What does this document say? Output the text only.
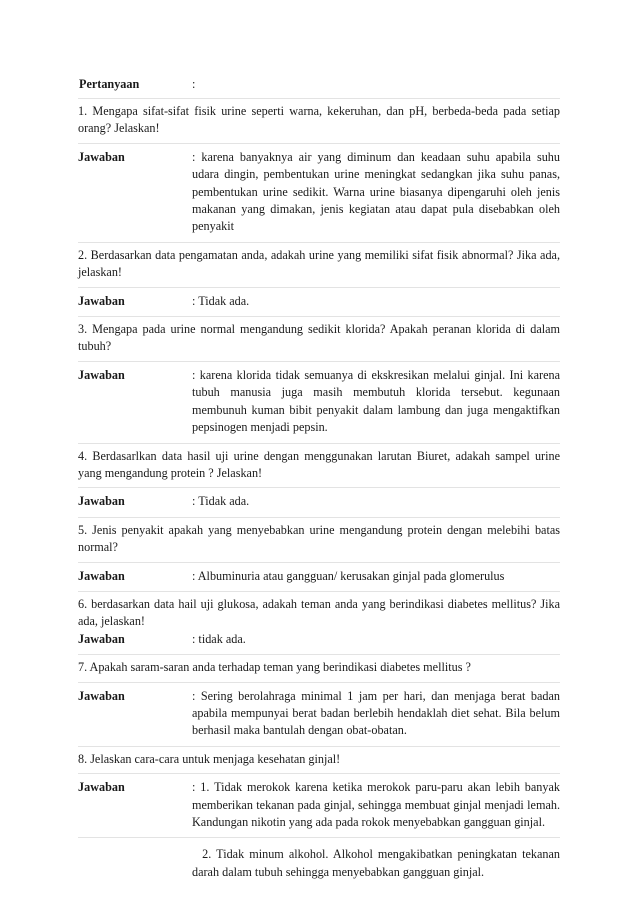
Pertanyaan	:
1. Mengapa sifat-sifat fisik urine seperti warna, kekeruhan, dan pH, berbeda-beda pada setiap orang? Jelaskan!
Jawaban	: karena banyaknya air yang diminum dan keadaan suhu apabila suhu udara dingin, pembentukan urine meningkat sedangkan jika suhu panas, pembentukan urine sedikit. Warna urine biasanya dipengaruhi oleh jenis makanan yang dimakan, jenis kegiatan atau dapat pula disebabkan oleh penyakit
2. Berdasarkan data pengamatan anda, adakah urine yang memiliki sifat fisik abnormal? Jika ada, jelaskan!
Jawaban	: Tidak ada.
3. Mengapa pada urine normal mengandung sedikit klorida? Apakah peranan klorida di dalam tubuh?
Jawaban	: karena klorida tidak semuanya di ekskresikan melalui ginjal. Ini karena tubuh manusia juga masih membutuh klorida tersebut. kegunaan membunuh kuman bibit penyakit dalam lambung dan juga mengaktifkan pepsinogen menjadi pepsin.
4. Berdasarlkan data hasil uji urine dengan menggunakan larutan Biuret, adakah sampel urine yang mengandung protein ? Jelaskan!
Jawaban	: Tidak ada.
5. Jenis penyakit apakah yang menyebabkan urine mengandung protein dengan melebihi batas normal?
Jawaban	: Albuminuria atau gangguan/ kerusakan ginjal pada glomerulus
6. berdasarkan data hail uji glukosa, adakah teman anda yang berindikasi diabetes mellitus? Jika ada, jelaskan!
Jawaban	: tidak ada.
7. Apakah saram-saran anda terhadap teman yang berindikasi diabetes mellitus ?
Jawaban	: Sering berolahraga minimal 1 jam per hari, dan menjaga berat badan apabila mempunyai berat badan berlebih hendaklah diet sehat. Bila belum berhasil maka bantulah dengan obat-obatan.
8. Jelaskan cara-cara untuk menjaga kesehatan ginjal!
Jawaban	: 1. Tidak merokok karena ketika merokok paru-paru akan lebih banyak memberikan tekanan pada ginjal, sehingga membuat ginjal menjadi lemah. Kandungan nikotin yang ada pada rokok menyebabkan gangguan ginjal.
2. Tidak minum alkohol. Alkohol mengakibatkan peningkatan tekanan darah dalam tubuh sehingga menyebabkan gangguan ginjal.
